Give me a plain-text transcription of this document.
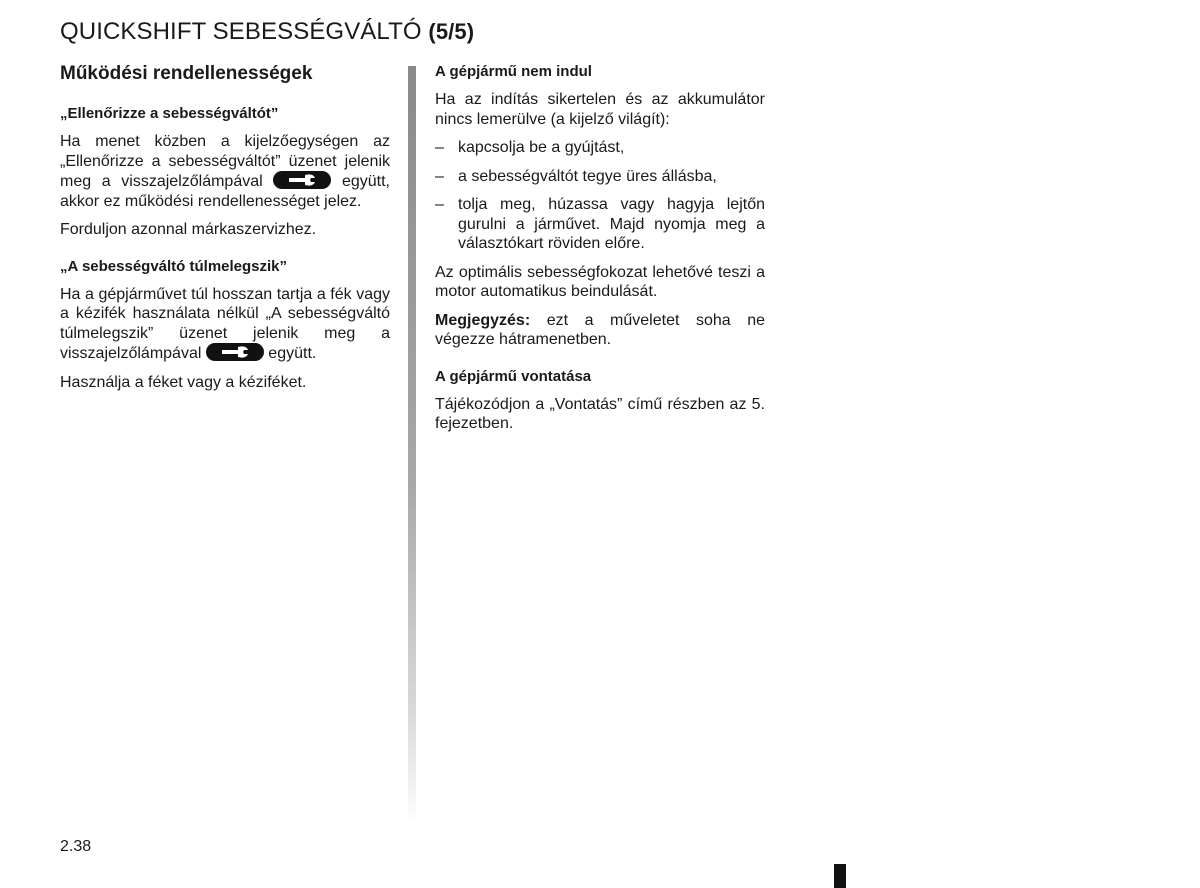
QUICKSHIFT SEBESSÉGVÁLTÓ (5/5)
Működési rendellenességek
„Ellenőrizze a sebességváltót”

Ha menet közben a kijelzőegységen az „Ellenőrizze a sebességváltót” üzenet jelenik meg a visszajelzőlámpával	együtt, akkor ez működési rendellenességet jelez.

Forduljon azonnal márkaszervizhez.

„A sebességváltó túlmelegszik”

Ha a gépjárművet túl hosszan tartja a fék vagy a kézifék használata nélkül „A sebességváltó túlmelegszik” üzenet jelenik meg a visszajelzőlámpával	együtt.

Használja a féket vagy a kéziféket.

A gépjármű nem indul

Ha az indítás sikertelen és az akkumulátor nincs lemerülve (a kijelző világít):

– kapcsolja be a gyújtást,
– a sebességváltót tegye üres állásba,
– tolja meg, húzassa vagy hagyja lejtőn gurulni a járművet. Majd nyomja meg a választókart röviden előre.

Az optimális sebességfokozat lehetővé teszi a motor automatikus beindulását.

Megjegyzés: ezt a műveletet soha ne végezze hátramenetben.

A gépjármű vontatása

Tájékozódjon a „Vontatás” című részben az 5. fejezetben.

2.38
